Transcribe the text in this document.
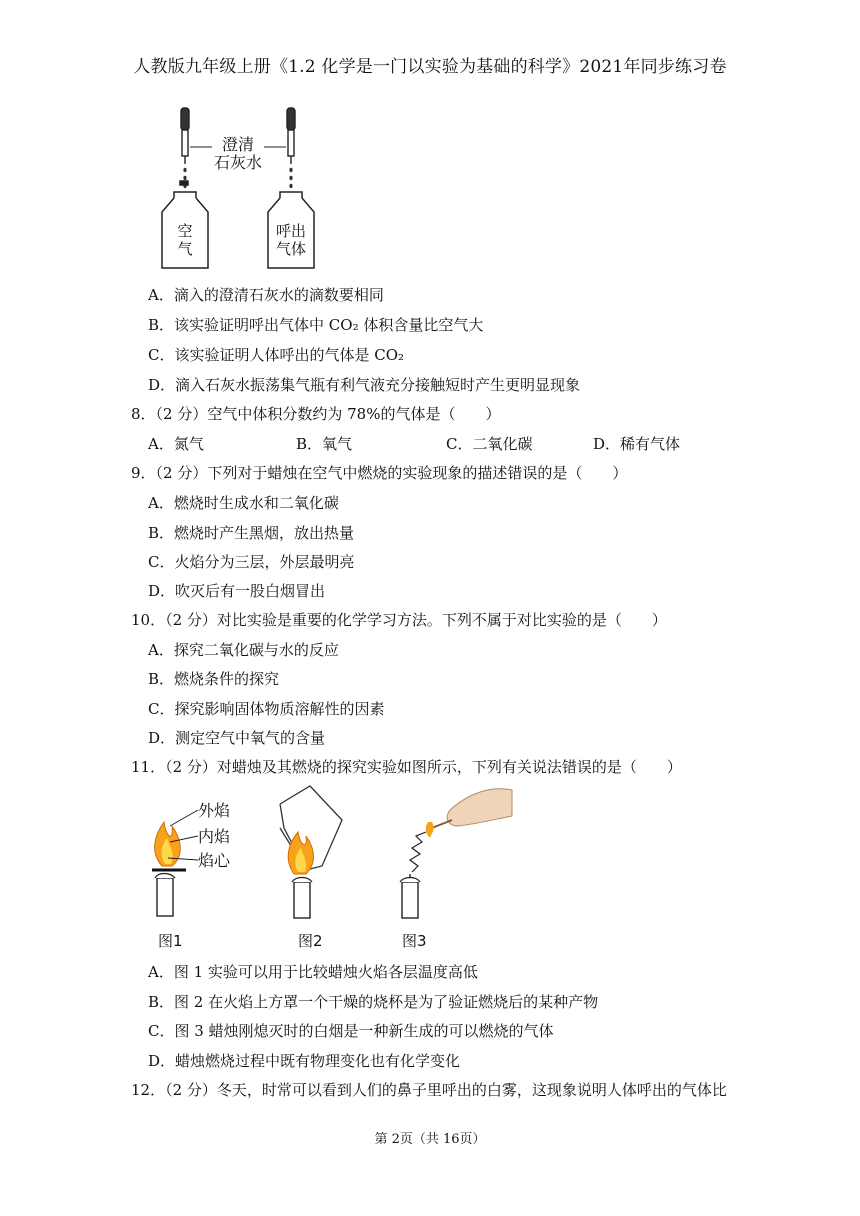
人教版九年级上册《1.2 化学是一门以实验为基础的科学》2021年同步练习卷
澄清
石灰水
空
气
呼出
气体
A．滴入的澄清石灰水的滴数要相同
B．该实验证明呼出气体中 CO₂ 体积含量比空气大
C．该实验证明人体呼出的气体是 CO₂
D．滴入石灰水振荡集气瓶有利气液充分接触短时产生更明显现象
8．（2 分）空气中体积分数约为 78%的气体是（　　）
A．氮气	B．氧气	C．二氧化碳	D．稀有气体
9．（2 分）下列对于蜡烛在空气中燃烧的实验现象的描述错误的是（　　）
A．燃烧时生成水和二氧化碳
B．燃烧时产生黑烟，放出热量
C．火焰分为三层，外层最明亮
D．吹灭后有一股白烟冒出
10．（2 分）对比实验是重要的化学学习方法。下列不属于对比实验的是（　　）
A．探究二氧化碳与水的反应
B．燃烧条件的探究
C．探究影响固体物质溶解性的因素
D．测定空气中氧气的含量
11．（2 分）对蜡烛及其燃烧的探究实验如图所示，下列有关说法错误的是（　　）
外焰
内焰
焰心
图1	图2	图3
A．图 1 实验可以用于比较蜡烛火焰各层温度高低
B．图 2 在火焰上方罩一个干燥的烧杯是为了验证燃烧后的某种产物
C．图 3 蜡烛刚熄灭时的白烟是一种新生成的可以燃烧的气体
D．蜡烛燃烧过程中既有物理变化也有化学变化
12．（2 分）冬天，时常可以看到人们的鼻子里呼出的白雾，这现象说明人体呼出的气体比
第 2页（共 16页）
